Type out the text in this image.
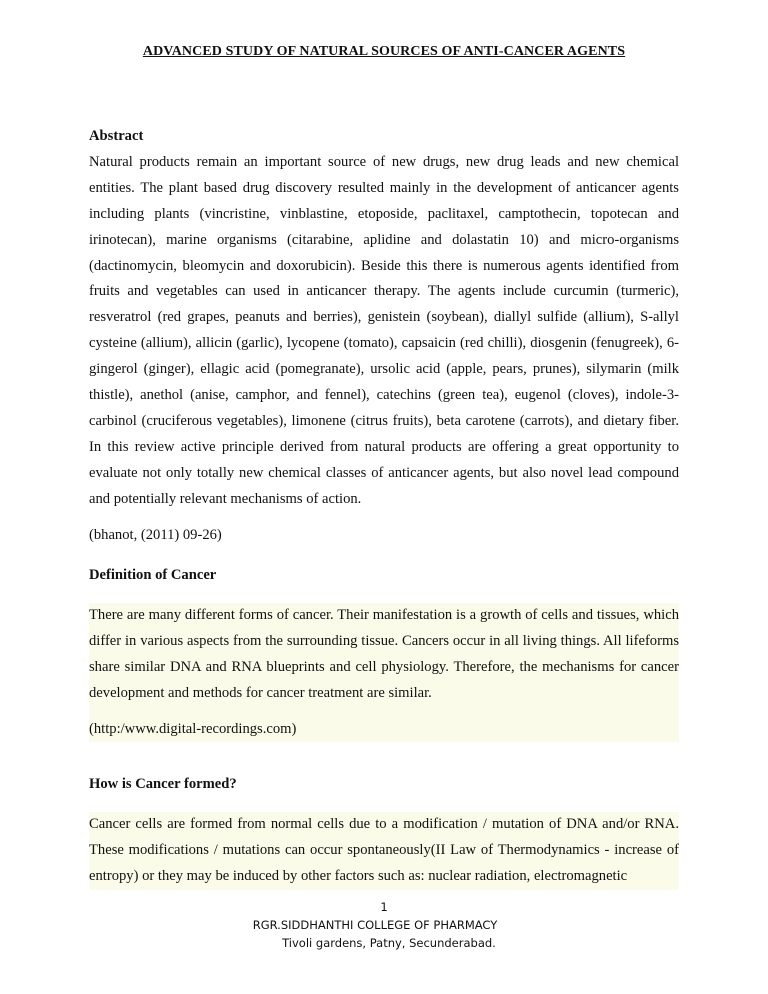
ADVANCED STUDY OF NATURAL SOURCES OF ANTI-CANCER AGENTS
Abstract

Natural products remain an important source of new drugs, new drug leads and new chemical entities. The plant based drug discovery resulted mainly in the development of anticancer agents including plants (vincristine, vinblastine, etoposide, paclitaxel, camptothecin, topotecan and irinotecan), marine organisms (citarabine, aplidine and dolastatin 10) and micro-organisms (dactinomycin, bleomycin and doxorubicin). Beside this there is numerous agents identified from fruits and vegetables can used in anticancer therapy. The agents include curcumin (turmeric), resveratrol (red grapes, peanuts and berries), genistein (soybean), diallyl sulfide (allium), S-allyl cysteine (allium), allicin (garlic), lycopene (tomato), capsaicin (red chilli), diosgenin (fenugreek), 6-gingerol (ginger), ellagic acid (pomegranate), ursolic acid (apple, pears, prunes), silymarin (milk thistle), anethol (anise, camphor, and fennel), catechins (green tea), eugenol (cloves), indole-3-carbinol (cruciferous vegetables), limonene (citrus fruits), beta carotene (carrots), and dietary fiber. In this review active principle derived from natural products are offering a great opportunity to evaluate not only totally new chemical classes of anticancer agents, but also novel lead compound and potentially relevant mechanisms of action.

(bhanot, (2011) 09-26)
Definition of Cancer

There are many different forms of cancer. Their manifestation is a growth of cells and tissues, which differ in various aspects from the surrounding tissue. Cancers occur in all living things. All lifeforms share similar DNA and RNA blueprints and cell physiology. Therefore, the mechanisms for cancer development and methods for cancer treatment are similar.

(http:/www.digital-recordings.com)
How is Cancer formed?

Cancer cells are formed from normal cells due to a modification / mutation of DNA and/or RNA. These modifications / mutations can occur spontaneously(II Law of Thermodynamics - increase of entropy) or they may be induced by other factors such as: nuclear radiation, electromagnetic

1
RGR.SIDDHANTHI COLLEGE OF PHARMACY
Tivoli gardens, Patny, Secunderabad.
